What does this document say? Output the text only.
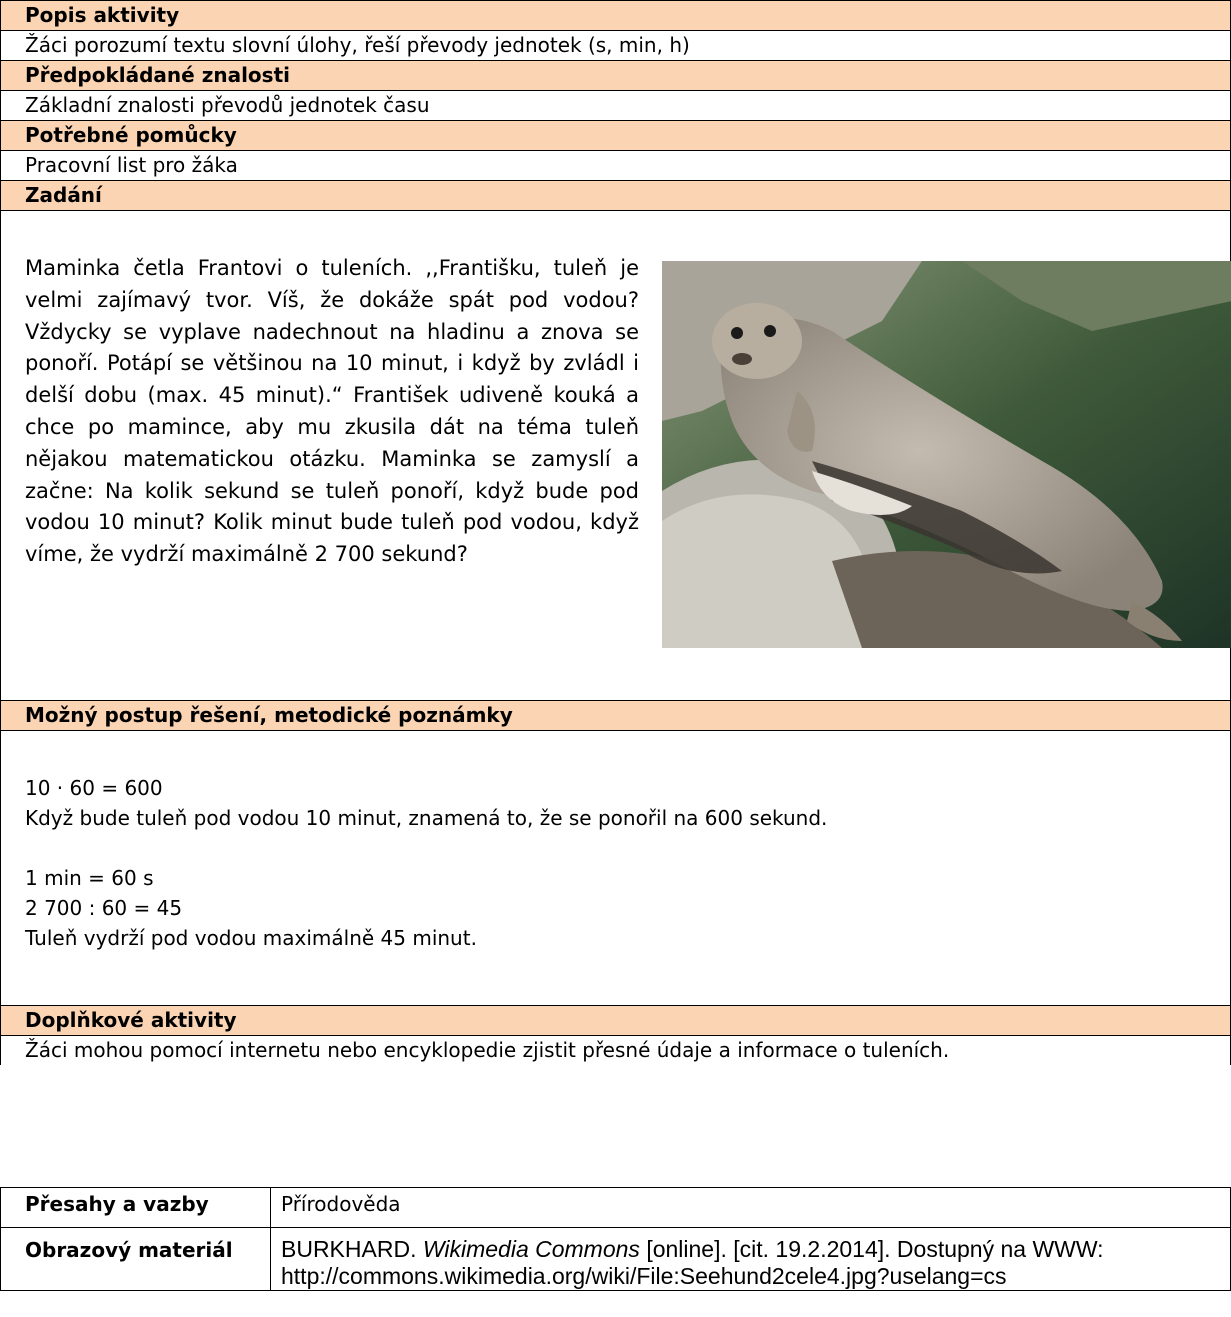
Popis aktivity
Žáci porozumí textu slovní úlohy, řeší převody jednotek (s, min, h)
Předpokládané znalosti
Základní znalosti převodů jednotek času
Potřebné pomůcky
Pracovní list pro žáka
Zadání
Maminka četla Frantovi o tuleních. ,,Františku, tuleň je velmi zajímavý tvor. Víš, že dokáže spát pod vodou? Vždycky se vyplave nadechnout na hladinu a znova se ponoří. Potápí se většinou na 10 minut, i když by zvládl i delší dobu (max. 45 minut).“ František udiveně kouká a chce po mamince, aby mu zkusila dát na téma tuleň nějakou matematickou otázku. Maminka se zamyslí a začne: Na kolik sekund se tuleň ponoří, když bude pod vodou 10 minut? Kolik minut bude tuleň pod vodou, když víme, že vydrží maximálně 2 700 sekund?
Možný postup řešení, metodické poznámky

10 · 60 = 600

Když bude tuleň pod vodou 10 minut, znamená to, že se ponořil na 600 sekund.

1 min = 60 s

2 700 : 60 = 45

Tuleň vydrží pod vodou maximálně 45 minut.

Doplňkové aktivity
Žáci mohou pomocí internetu nebo encyklopedie zjistit přesné údaje a informace o tuleních.
Přesahy a vazby	Přírodověda
Obrazový materiál	BURKHARD. Wikimedia Commons [online]. [cit. 19.2.2014]. Dostupný na WWW:
http://commons.wikimedia.org/wiki/File:Seehund2cele4.jpg?uselang=cs
